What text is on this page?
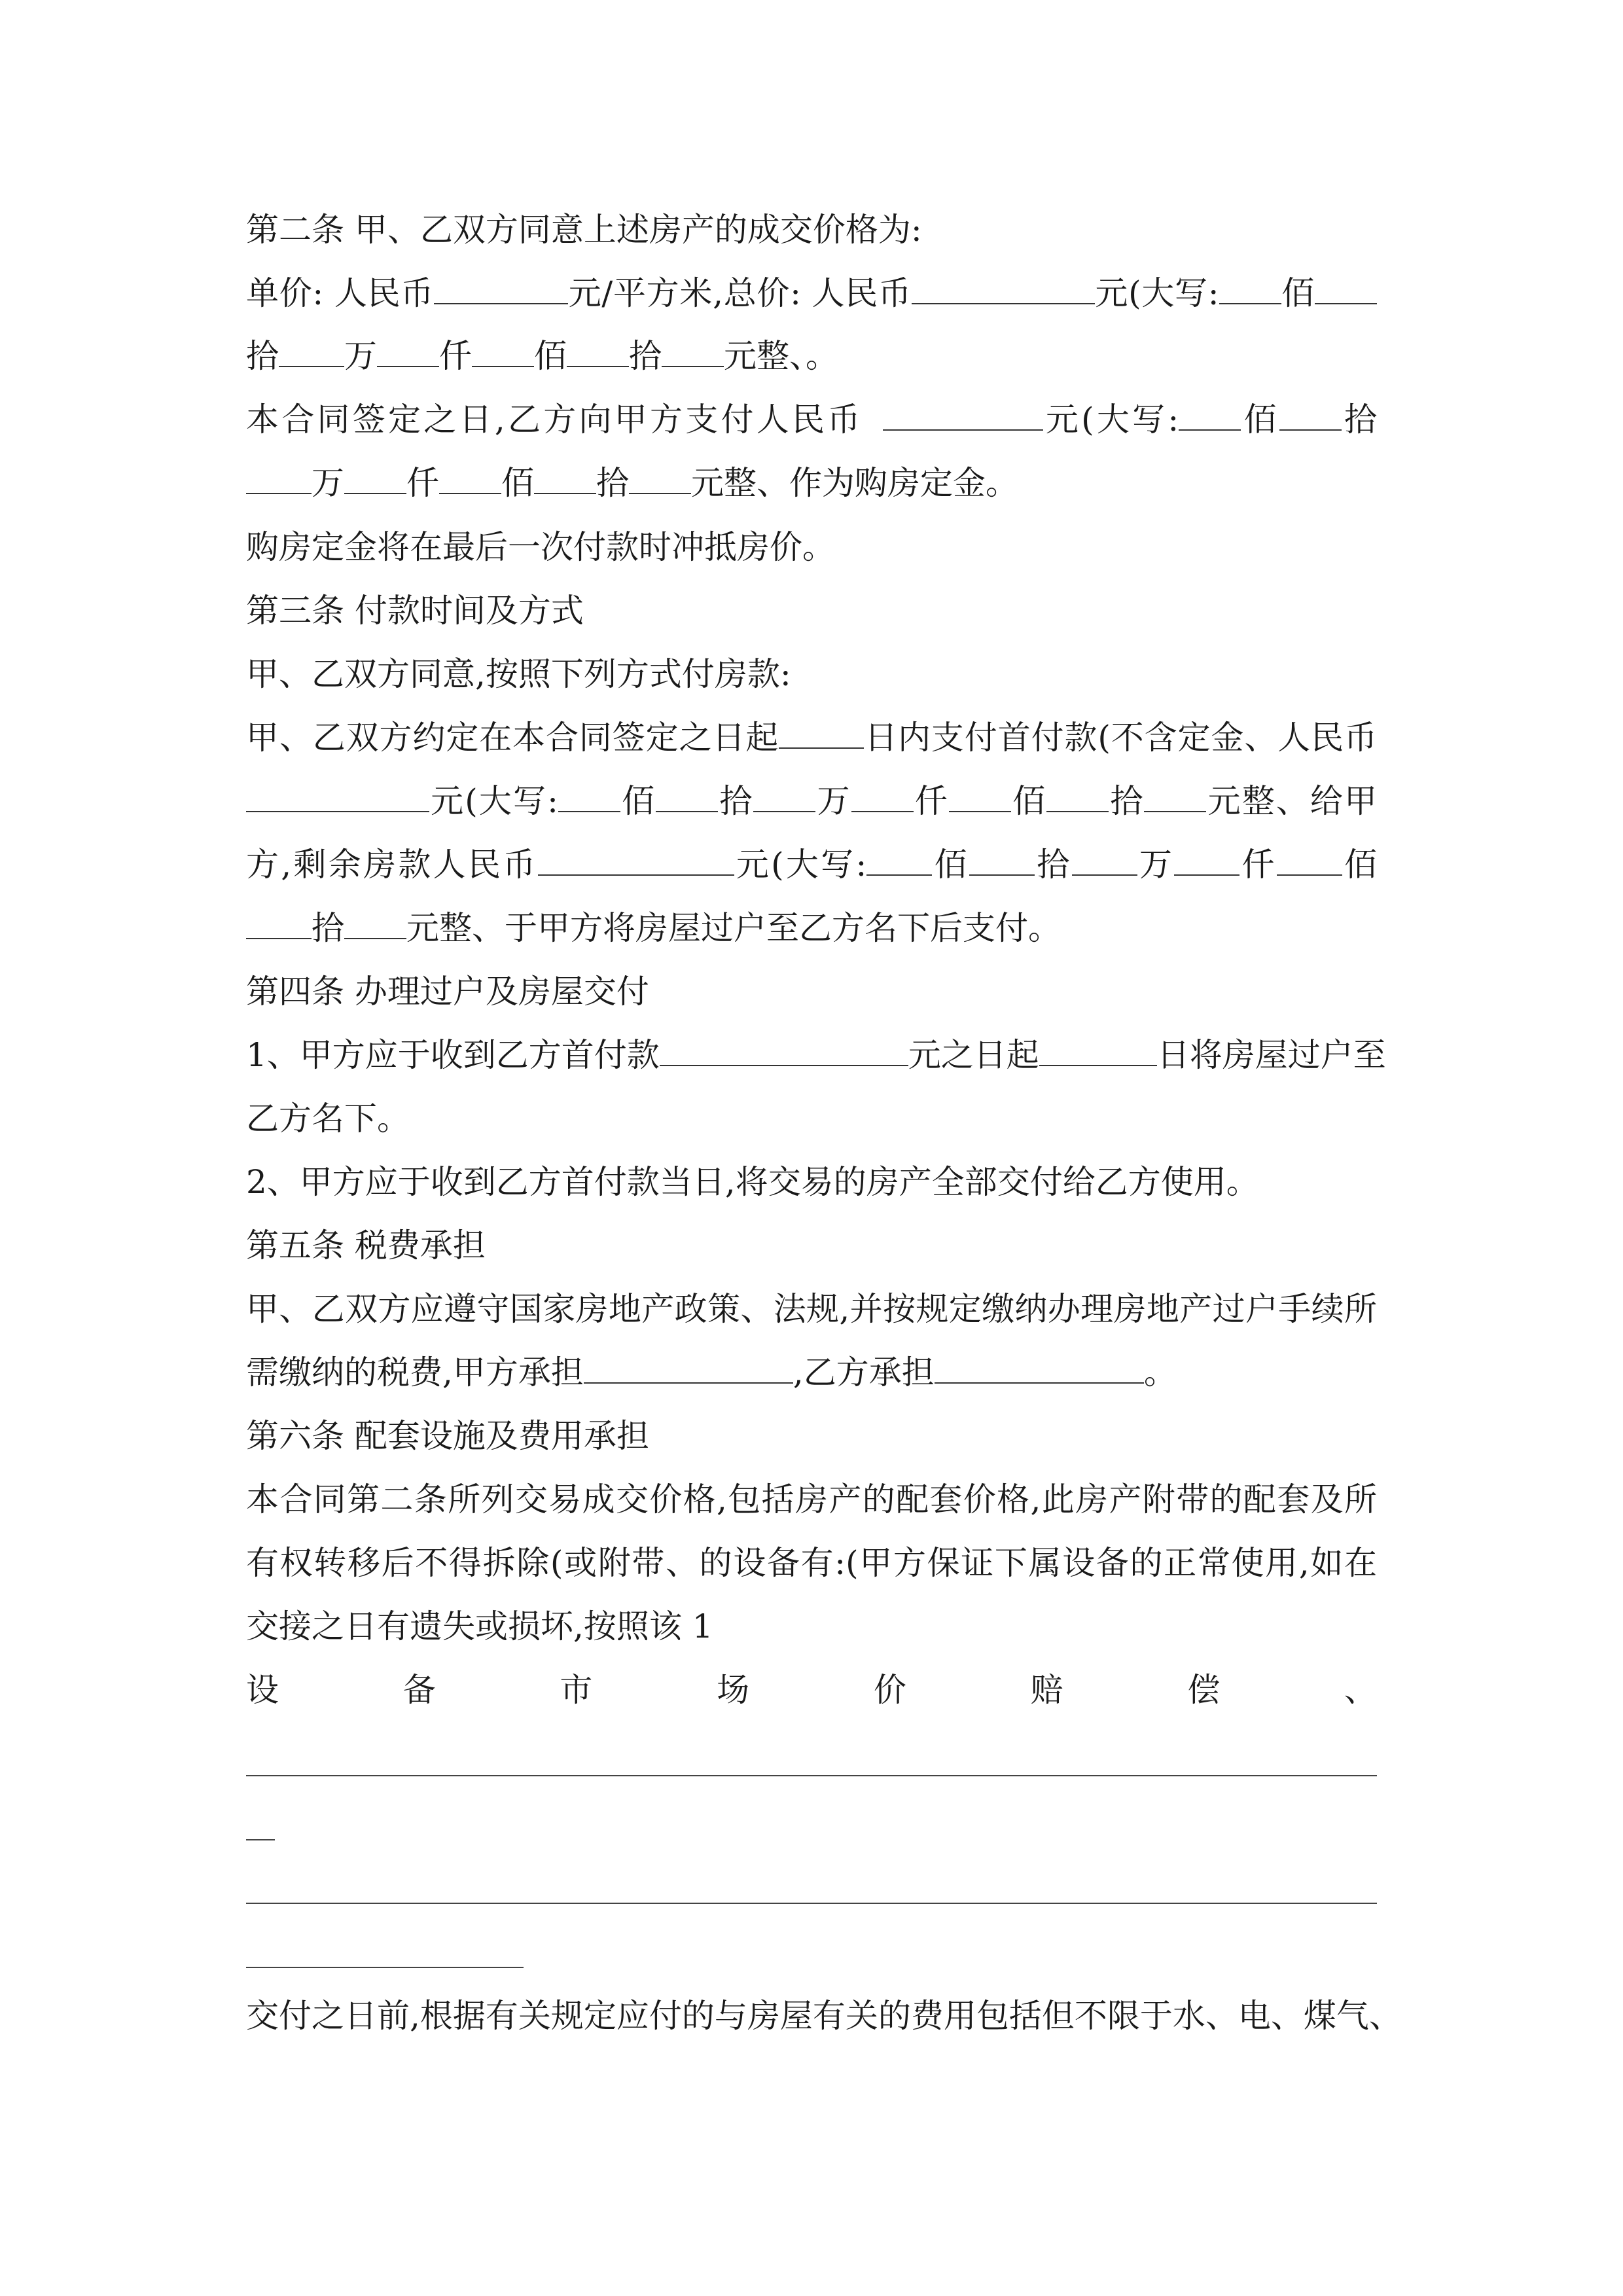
第二条 甲、乙双方同意上述房产的成交价格为:
单价: 人民币	元/平方米,总价: 人民币	元(大写: 佰
拾 万 仟 佰 拾 元整、。
本合同签定之日,乙方向甲方支付人民币	元(大写: 佰 拾
万 仟 佰 拾 元整、作为购房定金。
购房定金将在最后一次付款时冲抵房价。
第三条 付款时间及方式
甲、乙双方同意,按照下列方式付房款:
甲、乙双方约定在本合同签定之日起	日内支付首付款(不含定金、人民币
元(大写: 佰 拾 万 仟 佰 拾 元整、给甲
方,剩余房款人民币	元(大写: 佰 拾 万 仟 佰
拾 元整、于甲方将房屋过户至乙方名下后支付。
第四条 办理过户及房屋交付
1、甲方应于收到乙方首付款	元之日起	日将房屋过户至
乙方名下。
2、甲方应于收到乙方首付款当日,将交易的房产全部交付给乙方使用。
第五条 税费承担
甲、乙双方应遵守国家房地产政策、法规,并按规定缴纳办理房地产过户手续所
需缴纳的税费,甲方承担	,乙方承担	。
第六条 配套设施及费用承担
本合同第二条所列交易成交价格,包括房产的配套价格,此房产附带的配套及所
有权转移后不得拆除(或附带、的设备有:(甲方保证下属设备的正常使用,如在
交接之日有遗失或损坏,按照该 1
设	备	市	场	价	赔	偿	、
交付之日前,根据有关规定应付的与房屋有关的费用包括但不限于水、电、煤气、
